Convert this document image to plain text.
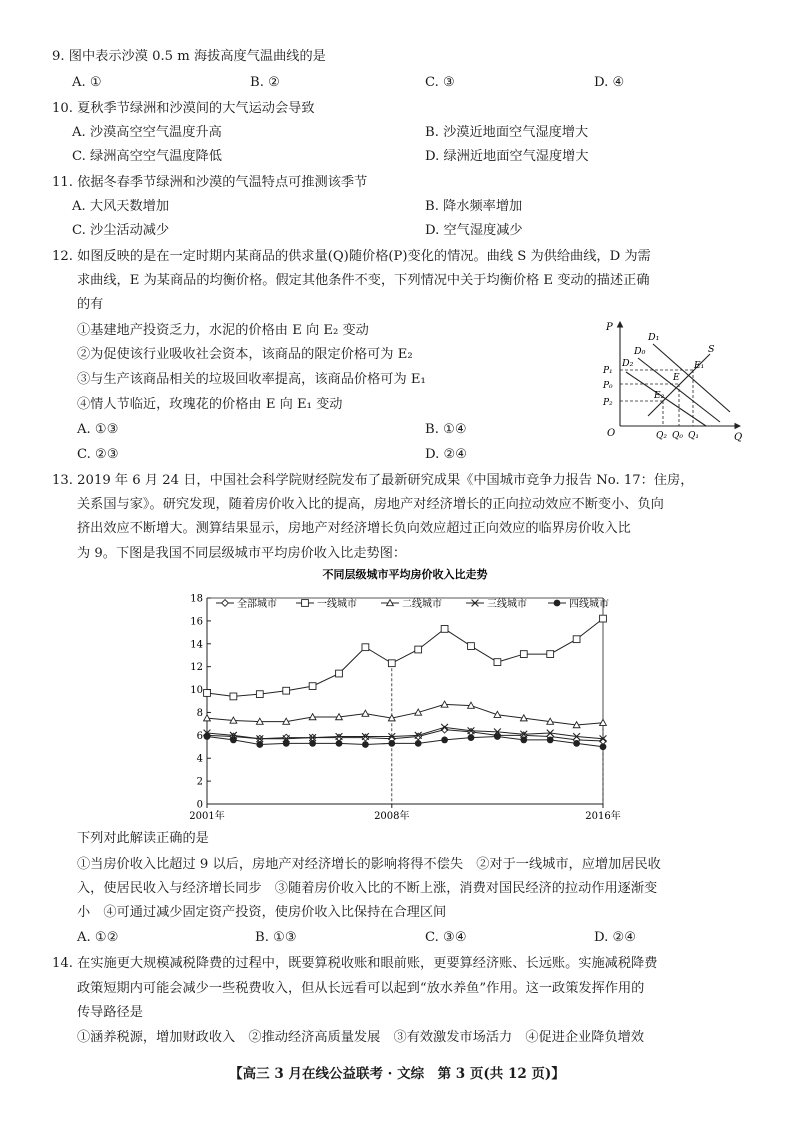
9. 图中表示沙漠 0.5 m 海拔高度气温曲线的是
A. ①	B. ②	C. ③	D. ④
10. 夏秋季节绿洲和沙漠间的大气运动会导致
A. 沙漠高空空气温度升高	B. 沙漠近地面空气湿度增大
C. 绿洲高空空气温度降低	D. 绿洲近地面空气湿度增大
11. 依据冬春季节绿洲和沙漠的气温特点可推测该季节
A. 大风天数增加	B. 降水频率增加
C. 沙尘活动减少	D. 空气湿度减少
12. 如图反映的是在一定时期内某商品的供求量(Q)随价格(P)变化的情况。曲线 S 为供给曲线，D 为需
求曲线，E 为某商品的均衡价格。假定其他条件不变，下列情况中关于均衡价格 E 变动的描述正确
的有
①基建地产投资乏力，水泥的价格由 E 向 E₂ 变动
②为促使该行业吸收社会资本，该商品的限定价格可为 E₂
③与生产该商品相关的垃圾回收率提高，该商品价格可为 E₁
④情人节临近，玫瑰花的价格由 E 向 E₁ 变动
A. ①③	B. ①④
C. ②③	D. ②④
P
Q
O
D₁
D₀
D₂
S
P₁
P₀
P₂
E₁
E
E₂
Q₂ Q₀ Q₁
13. 2019 年 6 月 24 日，中国社会科学院财经院发布了最新研究成果《中国城市竞争力报告 No. 17：住房，
关系国与家》。研究发现，随着房价收入比的提高，房地产对经济增长的正向拉动效应不断变小、负向
挤出效应不断增大。测算结果显示，房地产对经济增长负向效应超过正向效应的临界房价收入比
为 9。下图是我国不同层级城市平均房价收入比走势图：
不同层级城市平均房价收入比走势
0
2
4
6
8
10
12
14
16
18
2001年	2008年	2016年
全部城市	一线城市	二线城市	三线城市	四线城市
下列对此解读正确的是
①当房价收入比超过 9 以后，房地产对经济增长的影响将得不偿失　②对于一线城市，应增加居民收
入，使居民收入与经济增长同步　③随着房价收入比的不断上涨，消费对国民经济的拉动作用逐渐变
小　④可通过减少固定资产投资，使房价收入比保持在合理区间
A. ①②	B. ①③	C. ③④	D. ②④
14. 在实施更大规模减税降费的过程中，既要算税收账和眼前账，更要算经济账、长远账。实施减税降费
政策短期内可能会减少一些税费收入，但从长远看可以起到“放水养鱼”作用。这一政策发挥作用的
传导路径是
①涵养税源，增加财政收入　②推动经济高质量发展　③有效激发市场活力　④促进企业降负增效
【高三 3 月在线公益联考 · 文综　第 3 页(共 12 页)】
